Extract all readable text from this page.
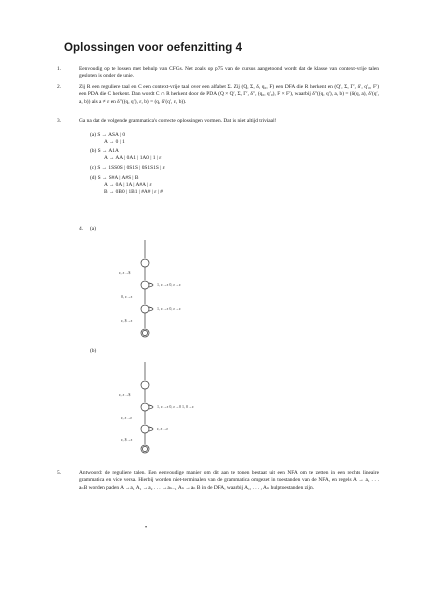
Oplossingen voor oefenzitting 4
1.	Eenvoudig op te lossen met behulp van CFGs. Net zoals op p75 van de cursus aangetoond wordt dat de klasse van context-vrije talen gesloten is onder de unie.
2.	Zij R een reguliere taal en C een context-vrije taal over een alfabet Σ. Zij (Q, Σ, δ, q₀, F) een DFA die R herkent en (Q′, Σ, Γ′, δ′, q′₀, F′) een PDA die C herkent. Dan wordt C ∩ R herkent door de PDA (Q × Q′, Σ, Γ′, δ″, (q₀, q′₀), F × F′), waarbij δ″((q, q′), a, b) = (δ(q, a), δ′(q′, a, b)) als a ≠ ε en δ″((q, q′), ε, b) = (q, δ′(q′, ε, b)).
3.	Ga na dat de volgende grammatica's correcte oplossingen vormen. Dat is niet altijd triviaal!
(a) S → ASA | 0
A → 0 | 1
(b) S → A1A
A → AA | 0A1 | 1A0 | 1 | ε
(c) S → 1SS0S | 0S1S | 0S1S1S | ε
(d) S → S#A | A#S | B
A → 0A | 1A | A#A | ε
B → 0B0 | 1B1 | #A# | ε | #
4. (a)
ε, ε→$
1, ε→ε 0, ε→ε
0, ε→ε
1, ε→ε 0, ε→ε
ε, $→ε
(b)
ε, ε→$
1, ε→ε 0, ε→0 1, 0→ε
ε, ε→ε
ε, ε→ε
ε, $→ε
5.	Antwoord: de reguliere talen. Een eenvoudige manier om dit aan te tonen bestaat uit een NFA om te zetten in een rechts lineaire grammatica en vice versa. Hierbij worden niet-terminalen van de grammatica omgezet in toestanden van de NFA, en regels A → a₁ . . . aₙB worden paden A →a₁ A₁ →a₂ . . . →aₙ₋₁ Aₙ →aₙ B in de DFA, waarbij A₁, . . . , Aₙ hulptoestanden zijn.
•
